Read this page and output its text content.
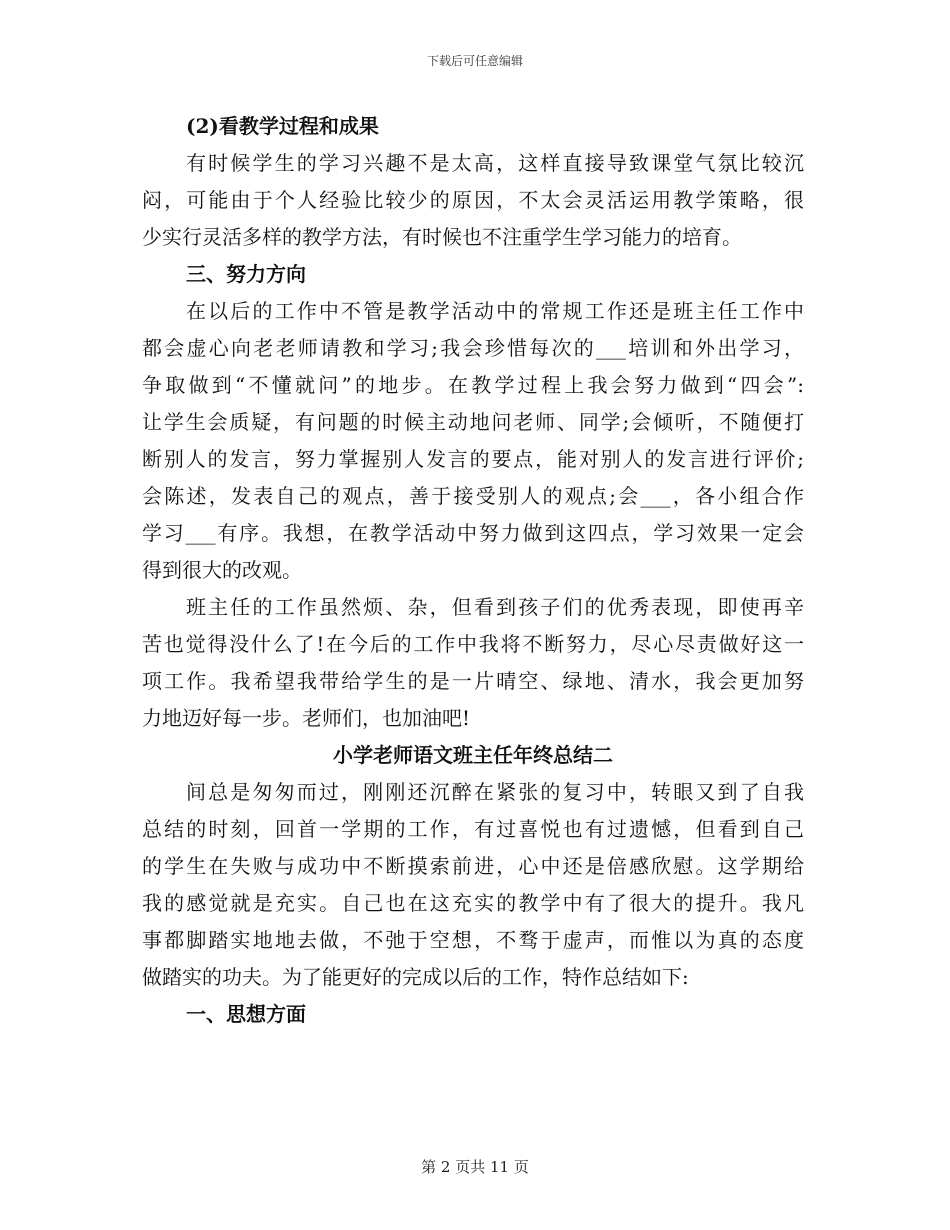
下载后可任意编辑
(2)看教学过程和成果
有时候学生的学习兴趣不是太高，这样直接导致课堂气氛比较沉
闷，可能由于个人经验比较少的原因，不太会灵活运用教学策略，很
少实行灵活多样的教学方法，有时候也不注重学生学习能力的培育。
三、努力方向
在以后的工作中不管是教学活动中的常规工作还是班主任工作中
都会虚心向老老师请教和学习;我会珍惜每次的___培训和外出学习，
争取做到“不懂就问”的地步。在教学过程上我会努力做到“四会”:
让学生会质疑，有问题的时候主动地问老师、同学;会倾听，不随便打
断别人的发言，努力掌握别人发言的要点，能对别人的发言进行评价;
会陈述，发表自己的观点，善于接受别人的观点;会___，各小组合作
学习___有序。我想，在教学活动中努力做到这四点，学习效果一定会
得到很大的改观。
班主任的工作虽然烦、杂，但看到孩子们的优秀表现，即使再辛
苦也觉得没什么了!在今后的工作中我将不断努力，尽心尽责做好这一
项工作。我希望我带给学生的是一片晴空、绿地、清水，我会更加努
力地迈好每一步。老师们，也加油吧!
小学老师语文班主任年终总结二
间总是匆匆而过，刚刚还沉醉在紧张的复习中，转眼又到了自我
总结的时刻，回首一学期的工作，有过喜悦也有过遗憾，但看到自己
的学生在失败与成功中不断摸索前进，心中还是倍感欣慰。这学期给
我的感觉就是充实。自己也在这充实的教学中有了很大的提升。我凡
事都脚踏实地地去做，不弛于空想，不骛于虚声，而惟以为真的态度
做踏实的功夫。为了能更好的完成以后的工作，特作总结如下:
一、思想方面
第 2 页共 11 页
